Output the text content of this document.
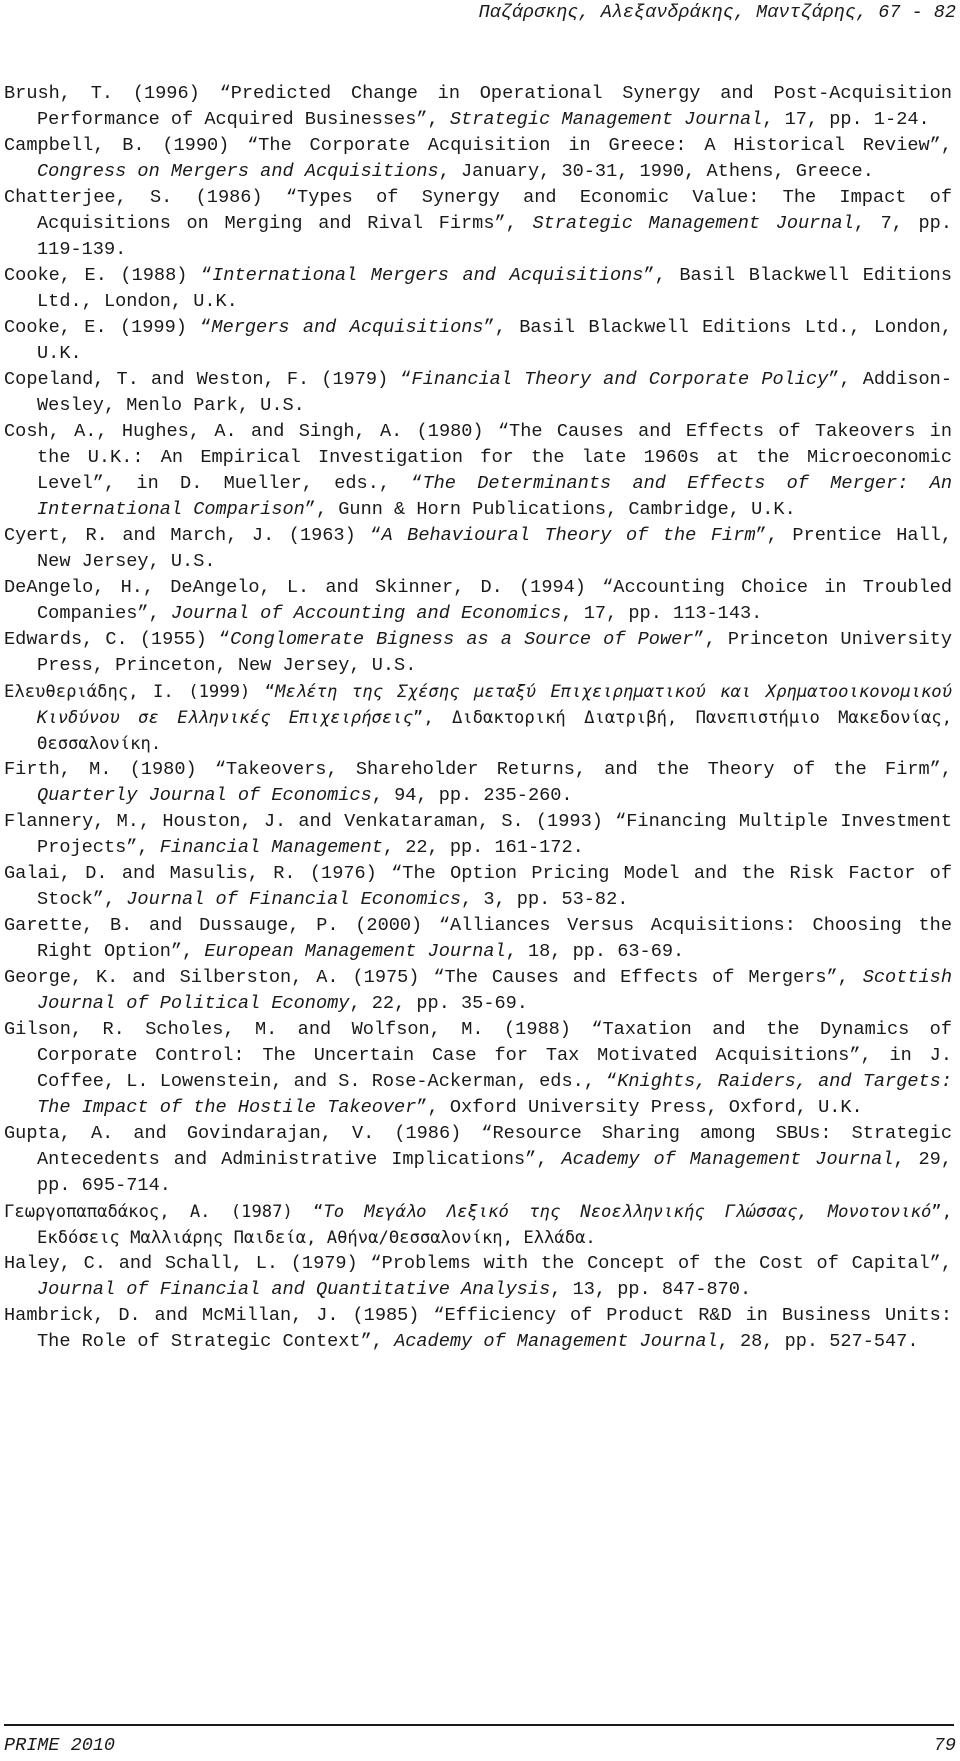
Παζάρσκης, Αλεξανδράκης, Μαντζάρης, 67 - 82

Brush, T. (1996) “Predicted Change in Operational Synergy and Post-Acquisition Performance of Acquired Businesses”, Strategic Management Journal, 17, pp. 1-24.

Campbell, B. (1990) “The Corporate Acquisition in Greece: A Historical Review”, Congress on Mergers and Acquisitions, January, 30-31, 1990, Athens, Greece.

Chatterjee, S. (1986) “Types of Synergy and Economic Value: The Impact of Acquisitions on Merging and Rival Firms”, Strategic Management Journal, 7, pp. 119-139.

Cooke, E. (1988) “International Mergers and Acquisitions”, Basil Blackwell Editions Ltd., London, U.K.

Cooke, E. (1999) “Mergers and Acquisitions”, Basil Blackwell Editions Ltd., London, U.K.

Copeland, T. and Weston, F. (1979) “Financial Theory and Corporate Policy”, Addison-Wesley, Menlo Park, U.S.

Cosh, A., Hughes, A. and Singh, A. (1980) “The Causes and Effects of Takeovers in the U.K.: An Empirical Investigation for the late 1960s at the Microeconomic Level”, in D. Mueller, eds., “The Determinants and Effects of Merger: An International Comparison”, Gunn & Horn Publications, Cambridge, U.K.

Cyert, R. and March, J. (1963) “A Behavioural Theory of the Firm”, Prentice Hall, New Jersey, U.S.

DeAngelo, H., DeAngelo, L. and Skinner, D. (1994) “Accounting Choice in Troubled Companies”, Journal of Accounting and Economics, 17, pp. 113-143.

Edwards, C. (1955) “Conglomerate Bigness as a Source of Power”, Princeton University Press, Princeton, New Jersey, U.S.

Ελευθεριάδης, Ι. (1999) “Μελέτη της Σχέσης μεταξύ Επιχειρηματικού και Χρηματοοικονομικού Κινδύνου σε Ελληνικές Επιχειρήσεις”, Διδακτορική Διατριβή, Πανεπιστήμιο Μακεδονίας, Θεσσαλονίκη.

Firth, M. (1980) “Takeovers, Shareholder Returns, and the Theory of the Firm”, Quarterly Journal of Economics, 94, pp. 235-260.

Flannery, M., Houston, J. and Venkataraman, S. (1993) “Financing Multiple Investment Projects”, Financial Management, 22, pp. 161-172.

Galai, D. and Masulis, R. (1976) “The Option Pricing Model and the Risk Factor of Stock”, Journal of Financial Economics, 3, pp. 53-82.

Garette, B. and Dussauge, P. (2000) “Alliances Versus Acquisitions: Choosing the Right Option”, European Management Journal, 18, pp. 63-69.

George, K. and Silberston, A. (1975) “The Causes and Effects of Mergers”, Scottish Journal of Political Economy, 22, pp. 35-69.

Gilson, R. Scholes, M. and Wolfson, M. (1988) “Taxation and the Dynamics of Corporate Control: The Uncertain Case for Tax Motivated Acquisitions”, in J. Coffee, L. Lowenstein, and S. Rose-Ackerman, eds., “Knights, Raiders, and Targets: The Impact of the Hostile Takeover”, Oxford University Press, Oxford, U.K.

Gupta, A. and Govindarajan, V. (1986) “Resource Sharing among SBUs: Strategic Antecedents and Administrative Implications”, Academy of Management Journal, 29, pp. 695-714.

Γεωργοπαπαδάκος, Α. (1987) “Το Μεγάλο Λεξικό της Νεοελληνικής Γλώσσας, Μονοτονικό”, Εκδόσεις Μαλλιάρης Παιδεία, Αθήνα/Θεσσαλονίκη, Ελλάδα.

Haley, C. and Schall, L. (1979) “Problems with the Concept of the Cost of Capital”, Journal of Financial and Quantitative Analysis, 13, pp. 847-870.

Hambrick, D. and McMillan, J. (1985) “Efficiency of Product R&D in Business Units: The Role of Strategic Context”, Academy of Management Journal, 28, pp. 527-547.

PRIME 2010	79
